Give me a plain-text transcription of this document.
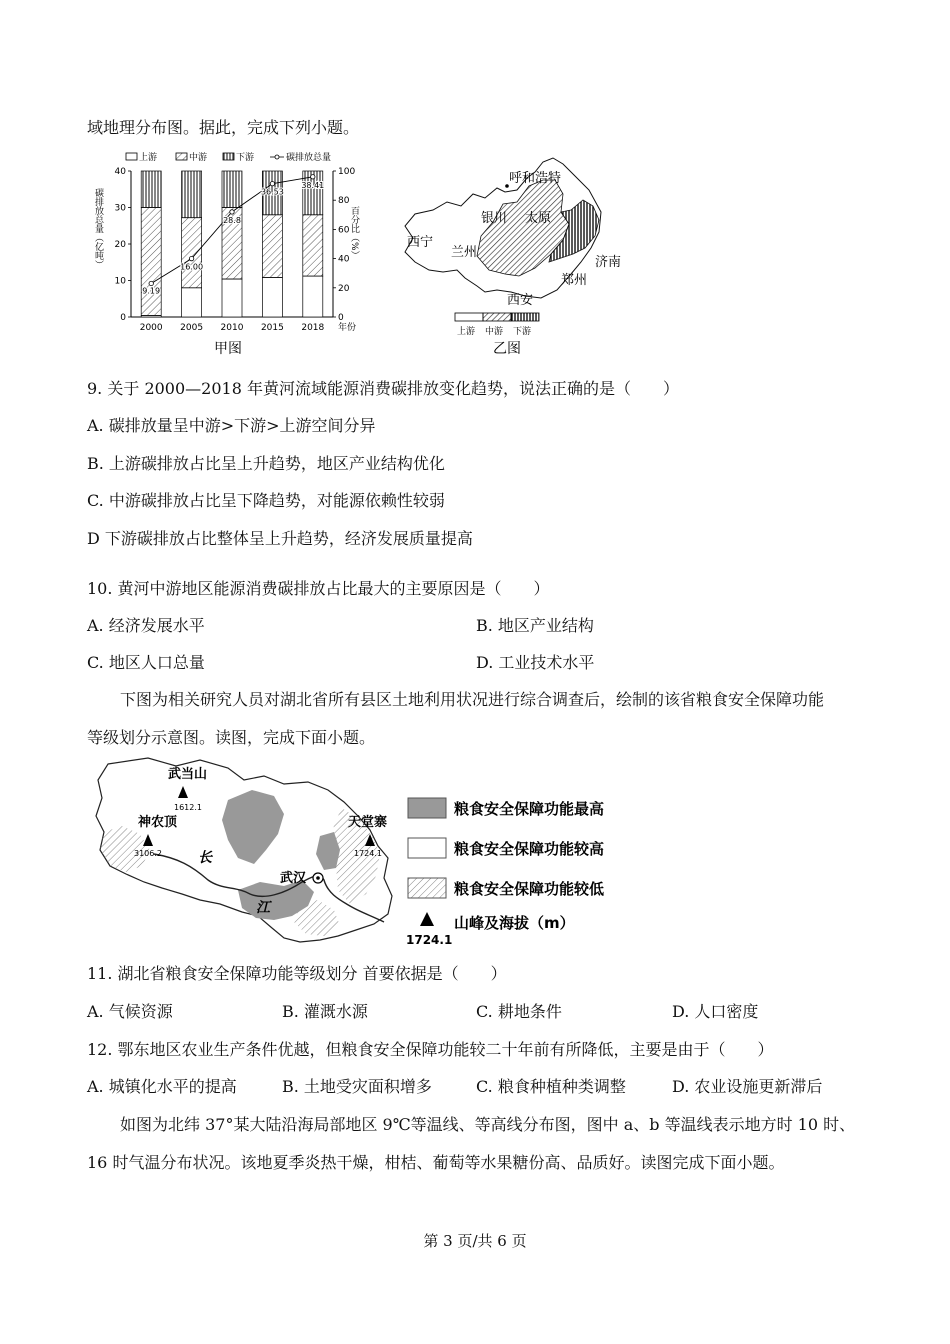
域地理分布图。据此，完成下列小题。
上游	中游	下游	碳排放总量
碳排放总量（亿吨）	百分比（%）
0
10
20
30
40
0
20
40
60
80
100
2000 2005 2010 2015 2018
9.19
16.00
28.8
36.53
38.41
年份
甲图
呼和浩特
银川 太原
西宁
兰州
济南
郑州
西安
上游 中游 下游
乙图
9. 关于 2000—2018 年黄河流域能源消费碳排放变化趋势，说法正确的是（　　）
A. 碳排放量呈中游>下游>上游空间分异
B. 上游碳排放占比呈上升趋势，地区产业结构优化
C. 中游碳排放占比呈下降趋势，对能源依赖性较弱
D 下游碳排放占比整体呈上升趋势，经济发展质量提高
10. 黄河中游地区能源消费碳排放占比最大的主要原因是（　　）
A. 经济发展水平	B. 地区产业结构
C. 地区人口总量	D. 工业技术水平
下图为相关研究人员对湖北省所有县区土地利用状况进行综合调查后，绘制的该省粮食安全保障功能
等级划分示意图。读图，完成下面小题。
长
江
武当山
1612.1
神农顶
3106.2
天堂寨
1724.1
武汉
粮食安全保障功能最高
粮食安全保障功能较高
粮食安全保障功能较低
山峰及海拔（m）
1724.1
11. 湖北省粮食安全保障功能等级划分 首要依据是（　　）
A. 气候资源	B. 灌溉水源	C. 耕地条件	D. 人口密度
12. 鄂东地区农业生产条件优越，但粮食安全保障功能较二十年前有所降低，主要是由于（　　）
A. 城镇化水平的提高	B. 土地受灾面积增多	C. 粮食种植种类调整	D. 农业设施更新滞后
如图为北纬 37°某大陆沿海局部地区 9℃等温线、等高线分布图，图中 a、b 等温线表示地方时 10 时、
16 时气温分布状况。该地夏季炎热干燥，柑桔、葡萄等水果糖份高、品质好。读图完成下面小题。
第 3 页/共 6 页
